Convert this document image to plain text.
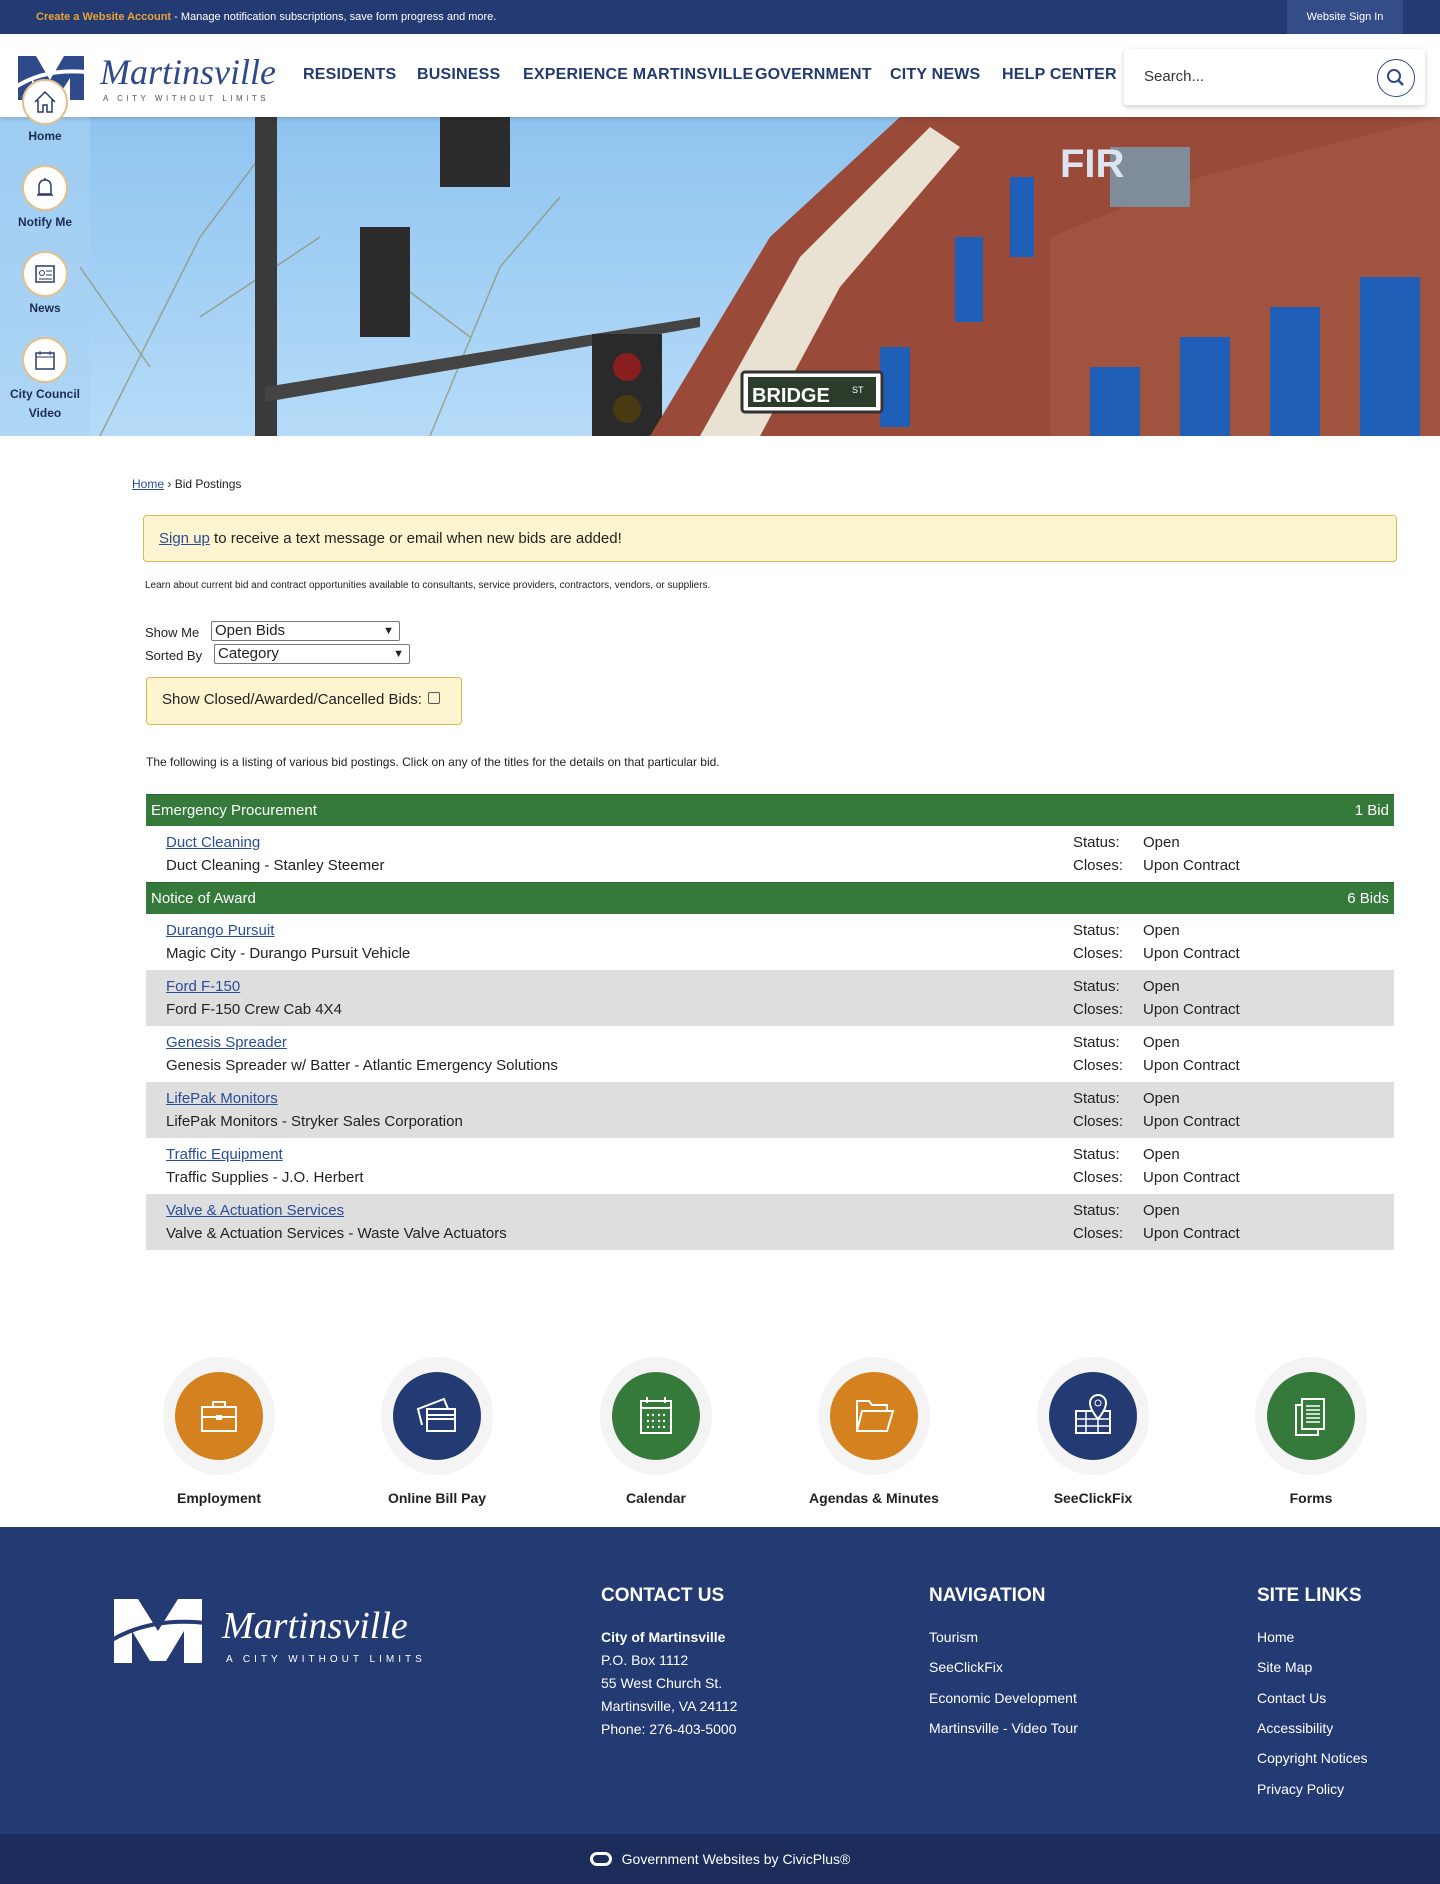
Create a Website Account - Manage notification subscriptions, save form progress and more.	Website Sign In
Martinsville
A CITY WITHOUT LIMITS
RESIDENTS BUSINESS EXPERIENCE MARTINSVILLE GOVERNMENT CITY NEWS HELP CENTER Search...
FIR
BRIDGE ST
Home
Notify Me
News
City Council Video
Home › Bid Postings
Sign up to receive a text message or email when new bids are added!
Learn about current bid and contract opportunities available to consultants, service providers, contractors, vendors, or suppliers.
Show Me Open Bids	▼
Sorted By Category	▼
Show Closed/Awarded/Cancelled Bids:
The following is a listing of various bid postings. Click on any of the titles for the details on that particular bid.
Emergency Procurement	1 Bid
Duct Cleaning
Duct Cleaning - Stanley Steemer
Status: Open
Closes: Upon Contract
Notice of Award	6 Bids
Durango Pursuit
Magic City - Durango Pursuit Vehicle
Status: Open
Closes: Upon Contract
Ford F-150
Ford F-150 Crew Cab 4X4
Status: Open
Closes: Upon Contract
Genesis Spreader
Genesis Spreader w/ Batter - Atlantic Emergency Solutions
Status: Open
Closes: Upon Contract
LifePak Monitors
LifePak Monitors - Stryker Sales Corporation
Status: Open
Closes: Upon Contract
Traffic Equipment
Traffic Supplies - J.O. Herbert
Status: Open
Closes: Upon Contract
Valve & Actuation Services
Valve & Actuation Services - Waste Valve Actuators
Status: Open
Closes: Upon Contract
Employment	Online Bill Pay	Calendar	Agendas & Minutes	SeeClickFix	Forms
Martinsville
A CITY WITHOUT LIMITS
CONTACT US
City of Martinsville
P.O. Box 1112
55 West Church St.
Martinsville, VA 24112
Phone: 276-403-5000
NAVIGATION
Tourism
SeeClickFix
Economic Development
Martinsville - Video Tour
SITE LINKS
Home
Site Map
Contact Us
Accessibility
Copyright Notices
Privacy Policy
Government Websites by CivicPlus®
